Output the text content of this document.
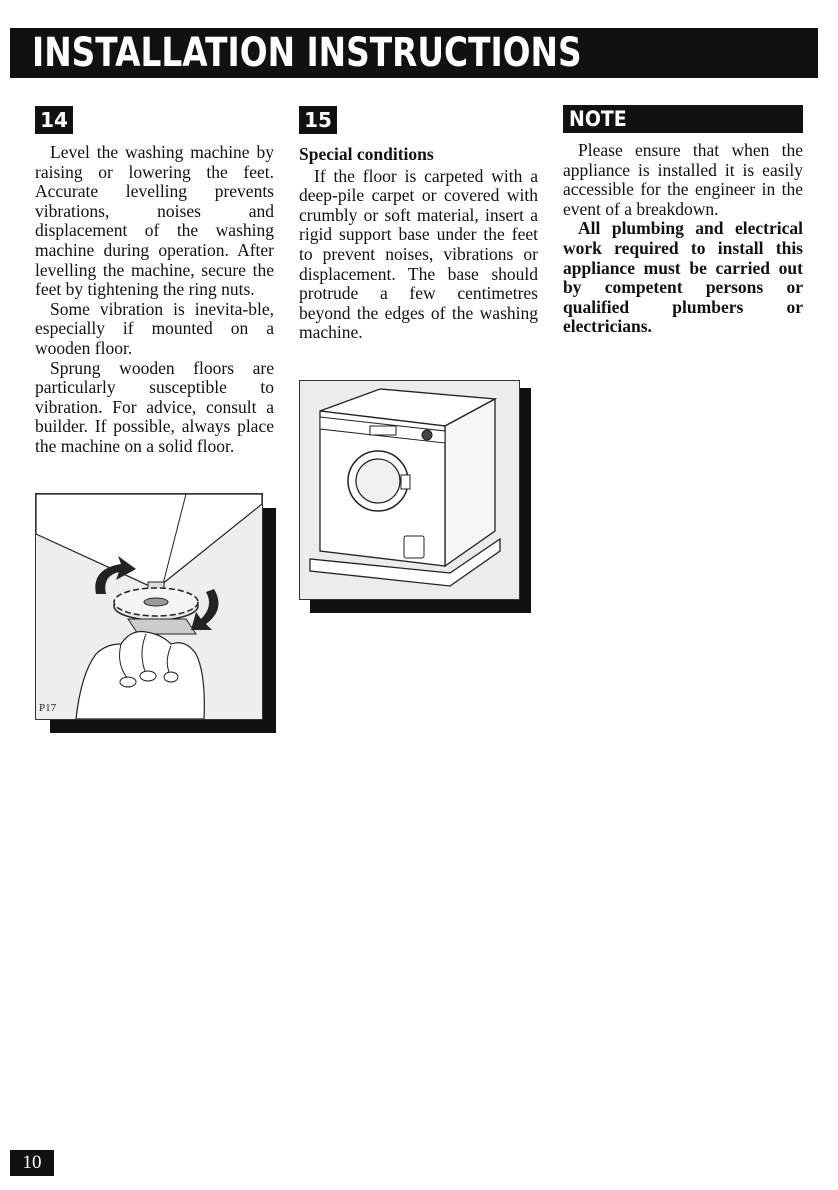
INSTALLATION INSTRUCTIONS
14	15	NOTE

Level the washing machine by raising or lowering the feet. Accurate levelling prevents vibrations, noises and displacement of the washing machine during operation. After levelling the machine, secure the feet by tightening the ring nuts.

Some vibration is inevita-ble, especially if mounted on a wooden floor.

Sprung wooden floors are particularly susceptible to vibration. For advice, consult a builder. If possible, always place the machine on a solid floor.

P17
Special conditions

If the floor is carpeted with a deep-pile carpet or covered with crumbly or soft material, insert a rigid support base under the feet to prevent noises, vibrations or displacement. The base should protrude a few centimetres beyond the edges of the washing machine.

Please ensure that when the appliance is installed it is easily accessible for the engineer in the event of a breakdown.

All plumbing and electrical work required to install this appliance must be carried out by competent persons or qualified plumbers or electricians.

10
